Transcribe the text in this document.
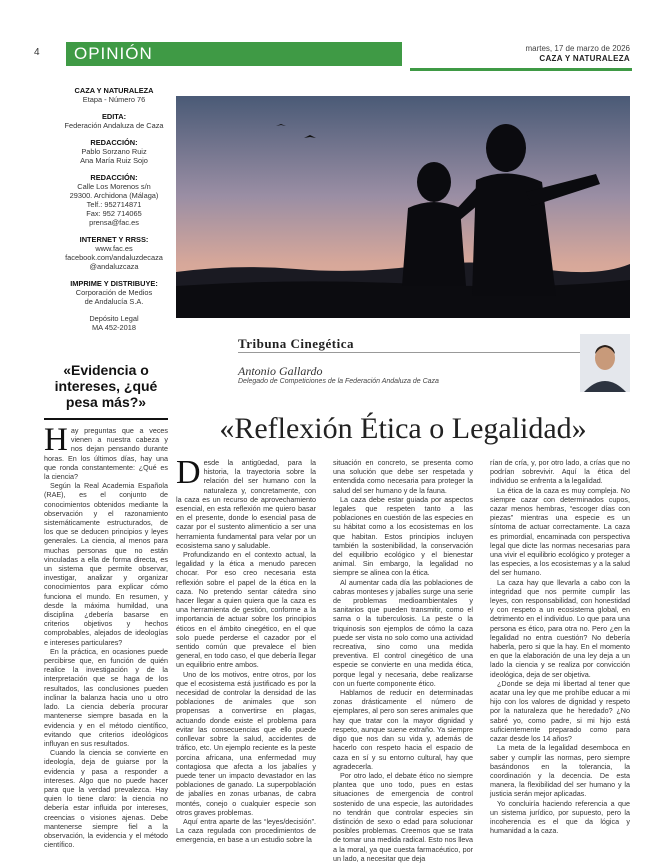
4 OPINIÓN	martes, 17 de marzo de 2026
CAZA Y NATURALEZA
CAZA Y NATURALEZA
Etapa - Número 76
EDITA:
Federación Andaluza de Caza
REDACCIÓN:
Pablo Sorzano Ruiz
Ana María Ruiz Sojo
REDACCIÓN:
Calle Los Morenos s/n
29300. Archidona (Málaga)
Telf.: 952714871
Fax: 952 714065
prensa@fac.es
INTERNET Y RRSS:
www.fac.es
facebook.com/andaluzdecaza
@andaluzcaza
IMPRIME Y DISTRIBUYE:
Corporación de Medios
de Andalucía S.A.
Depósito Legal
MA 452-2018
«Evidencia o intereses, ¿qué pesa más?»

Hay preguntas que a veces vienen a nuestra cabeza y nos dejan pensando durante horas. En los últimos días, hay una que ronda constantemente: ¿Qué es la ciencia?

Según la Real Academia Española (RAE), es el conjunto de conocimientos obtenidos mediante la observación y el razonamiento sistemáticamente estructurados, de los que se deducen principios y leyes generales. La ciencia, al menos para muchas personas que no están vinculadas a ella de forma directa, es un sistema que permite observar, investigar, analizar y organizar conocimientos para explicar cómo funciona el mundo. En resumen, y desde la máxima humildad, una disciplina ¿debería basarse en criterios objetivos y hechos comprobables, alejados de ideologías e intereses particulares?

En la práctica, en ocasiones puede percibirse que, en función de quién realice la investigación y de la interpretación que se haga de los resultados, las conclusiones pueden inclinar la balanza hacia uno u otro lado. La ciencia debería procurar mantenerse siempre basada en la evidencia y en el método científico, evitando que criterios ideológicos influyan en sus resultados.

Cuando la ciencia se convierte en ideología, deja de guiarse por la evidencia y pasa a responder a intereses. Algo que no puede hacer para que la verdad prevalezca. Hay quien lo tiene claro: la ciencia no debería estar influida por intereses, creencias o visiones ajenas. Debe mantenerse siempre fiel a la observación, la evidencia y el método científico.

Tribuna Cinegética
Antonio Gallardo
Delegado de Competiciones de la Federación Andaluza de Caza
«Reflexión Ética o Legalidad»

Desde la antigüedad, para la historia, la trayectoria sobre la relación del ser humano con la naturaleza y, concretamente, con la caza es un recurso de aprovechamiento esencial, en esta reflexión me quiero basar en el presente, donde lo esencial pasa de cazar por el sustento alimenticio a ser una herramienta fundamental para velar por un ecosistema sano y saludable.

Profundizando en el contexto actual, la legalidad y la ética a menudo parecen chocar. Por eso creo necesaria esta reflexión sobre el papel de la ética en la caza. No pretendo sentar cátedra sino hacer llegar a quien quiera que la caza es una herramienta de gestión, conforme a la importancia de actuar sobre los principios éticos en el ámbito cinegético, en el que solo puede perderse el cazador por el sentido común que prevalece el bien general, en todo caso, el que debería llegar un equilibrio entre ambos.

Uno de los motivos, entre otros, por los que el ecosistema está justificado es por la necesidad de controlar la densidad de las poblaciones de animales que son propensas a convertirse en plagas, actuando donde existe el problema para evitar las consecuencias que ello puede conllevar sobre la salud, accidentes de tráfico, etc. Un ejemplo reciente es la peste porcina africana, una enfermedad muy contagiosa que afecta a los jabalíes y puede tener un impacto devastador en las poblaciones de ganado. La superpoblación de jabalíes en zonas urbanas, de cabra montés, conejo o cualquier especie son otros graves problemas.

Aquí entra aparte de las “leyes/decisión”. La caza regulada con procedimientos de emergencia, en base a un estudio sobre la

situación en concreto, se presenta como una solución que debe ser respetada y entendida como necesaria para proteger la salud del ser humano y de la fauna.

La caza debe estar guiada por aspectos legales que respeten tanto a las poblaciones en cuestión de las especies en su hábitat como a los ecosistemas en los que habitan. Estos principios incluyen también la sostenibilidad, la conservación del equilibrio ecológico y el bienestar animal. Sin embargo, la legalidad no siempre se alinea con la ética.

Al aumentar cada día las poblaciones de cabras monteses y jabalíes surge una serie de problemas medioambientales y sanitarios que pueden transmitir, como el sarna o la tuberculosis. La peste o la triquinosis son ejemplos de cómo la caza puede ser vista no solo como una actividad recreativa, sino como una medida preventiva. El control cinegético de una especie se convierte en una medida ética, porque legal y necesaria, debe realizarse con un fuerte componente ético.

Hablamos de reducir en determinadas zonas drásticamente el número de ejemplares, al pero son seres animales que hay que tratar con la mayor dignidad y respeto, aunque suene extraño. Ya siempre digo que nos dan su vida y, además de hacerlo con respeto hacia el espacio de caza en sí y su entorno cultural, hay que agradecerla.

Por otro lado, el debate ético no siempre plantea que uno todo, pues en estas situaciones de emergencia de control sostenido de una especie, las autoridades no tendrán que controlar especies sin distinción de sexo o edad para solucionar posibles problemas. Creemos que se trata de tomar una medida radical. Esto nos lleva a la moral, ya que cuesta farmacéutico, por un lado, a necesitar que deja

rían de cría, y, por otro lado, a crías que no podrían sobrevivir. Aquí la ética del individuo se enfrenta a la legalidad.

La ética de la caza es muy compleja. No siempre cazar con determinados cupos, cazar menos hembras, “escoger días con piezas” mientras una especie es un síntoma de actuar correctamente. La caza es primordial, encaminada con perspectiva legal que dicte las normas necesarias para una vivir el equilibrio ecológico y proteger a las especies, a los ecosistemas y a la salud del ser humano.

La caza hay que llevarla a cabo con la integridad que nos permite cumplir las leyes, con responsabilidad, con honestidad y con respeto a un ecosistema global, en detrimento en el individuo. Lo que para una persona es ético, para otra no. Pero ¿en la legalidad no entra cuestión? No debería haberla, pero si que la hay. En el momento en que la elaboración de una ley deja a un lado la ciencia y se realiza por convicción ideológica, deja de ser objetiva.

¿Donde se deja mi libertad al tener que acatar una ley que me prohíbe educar a mi hijo con los valores de dignidad y respeto por la naturaleza que he heredado? ¿No sabré yo, como padre, si mi hijo está suficientemente preparado como para cazar desde los 14 años?

La meta de la legalidad desemboca en saber y cumplir las normas, pero siempre basándonos en la tolerancia, la coordinación y la decencia. De esta manera, la flexibilidad del ser humano y la justicia serán mejor aplicadas.

Yo concluiría haciendo referencia a que un sistema jurídico, por supuesto, pero la incoherencia es el que da lógica y humanidad a la caza.
